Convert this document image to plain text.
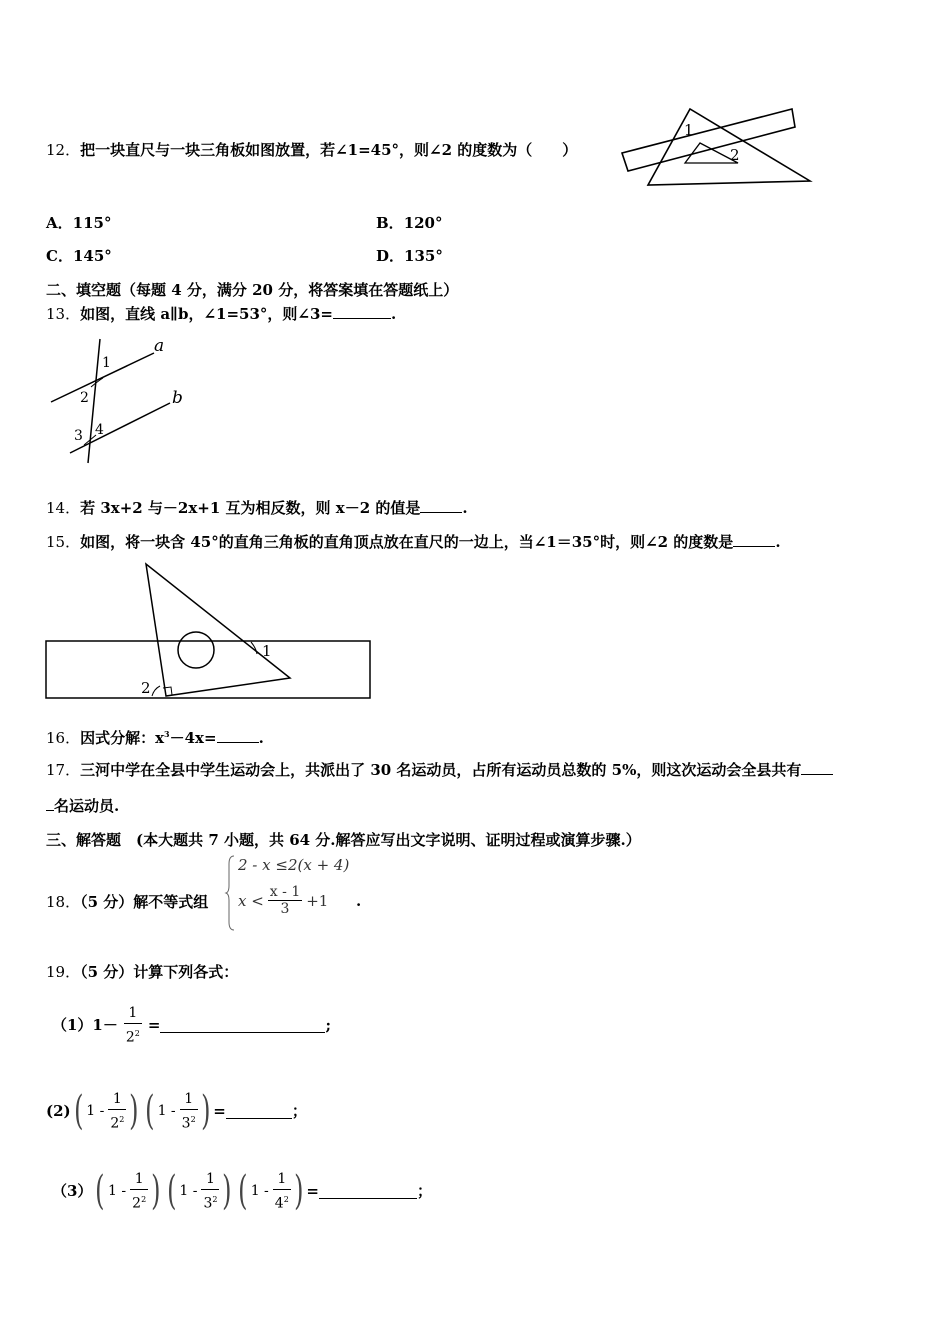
12．把一块直尺与一块三角板如图放置，若∠1=45°，则∠2 的度数为（　　）
1
2
A．115°	B．120°
C．145°	D．135°
二、填空题（每题 4 分，满分 20 分，将答案填在答题纸上）
13．如图，直线 a∥b，∠1=53°，则∠3=	.
a
b
1
2
3 4
14．若 3x+2 与－2x+1 互为相反数，则 x－2 的值是	.
15．如图，将一块含 45°的直角三角板的直角顶点放在直尺的一边上，当∠1＝35°时，则∠2 的度数是	.
1
2
16．因式分解：$x^3-4x=$	.
17．三河中学在全县中学生运动会上，共派出了 30 名运动员，占所有运动员总数的 5%，则这次运动会全县共有
名运动员.
三、解答题　(本大题共 7 小题，共 64 分.解答应写出文字说明、证明过程或演算步骤.）
18．（5 分）解不等式组
2 - x ≤2(x + 4)
$x < \frac{x - 1}{3} +1$ .
19．（5 分）计算下列各式：
$(1)1- \frac{1}{2^2}$ =	;
(2) ( $1 - \frac{1}{2^2}$ ) ( $1 - \frac{1}{3^2}$ ) =	；
（3） ( $1 - \frac{1}{2^2}$ ) ( $1 - \frac{1}{3^2}$ ) ( $1 - \frac{1}{4^2}$ ) =	；
